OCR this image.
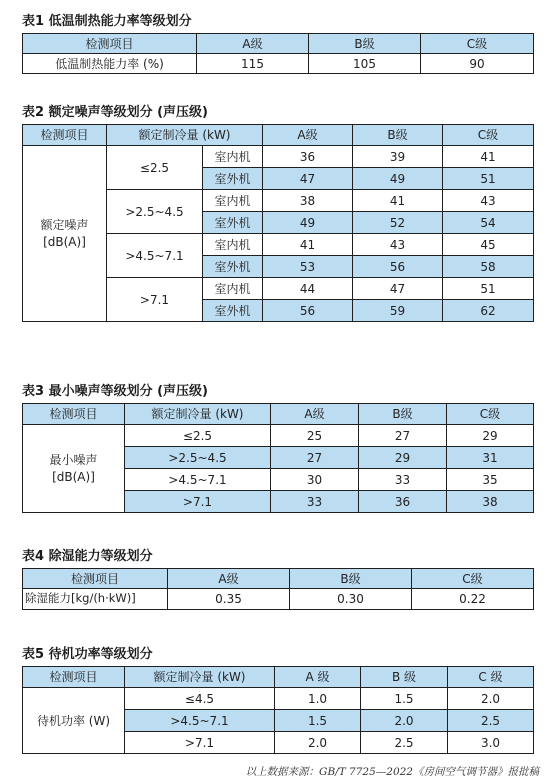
表1 低温制热能力率等级划分
检测项目	A级	B级	C级
低温制热能力率 (%)	115	105	90
表2 额定噪声等级划分 (声压级)
检测项目	额定制冷量 (kW)		A级	B级	C级

额定噪声
[dB(A)]	≤2.5	室内机	36	39	41
		室外机	47	49	51
	>2.5~4.5	室内机	38	41	43
		室外机	49	52	54
	>4.5~7.1	室内机	41	43	45
		室外机	53	56	58
	>7.1	室内机	44	47	51
		室外机	56	59	62
表3 最小噪声等级划分 (声压级)
检测项目	额定制冷量 (kW)	A级	B级	C级

最小噪声
[dB(A)]	≤2.5	25	27	29
	>2.5~4.5	27	29	31
	>4.5~7.1	30	33	35
	>7.1	33	36	38
表4 除湿能力等级划分
检测项目	A级	B级	C级
除湿能力[kg/(h·kW)]	0.35	0.30	0.22
表5 待机功率等级划分
检测项目	额定制冷量 (kW)	A 级	B 级	C 级
待机功率 (W)	≤4.5	1.0	1.5	2.0
	>4.5~7.1	1.5	2.0	2.5
	>7.1	2.0	2.5	3.0
以上数据来源：GB/T 7725—2022《房间空气调节器》报批稿
